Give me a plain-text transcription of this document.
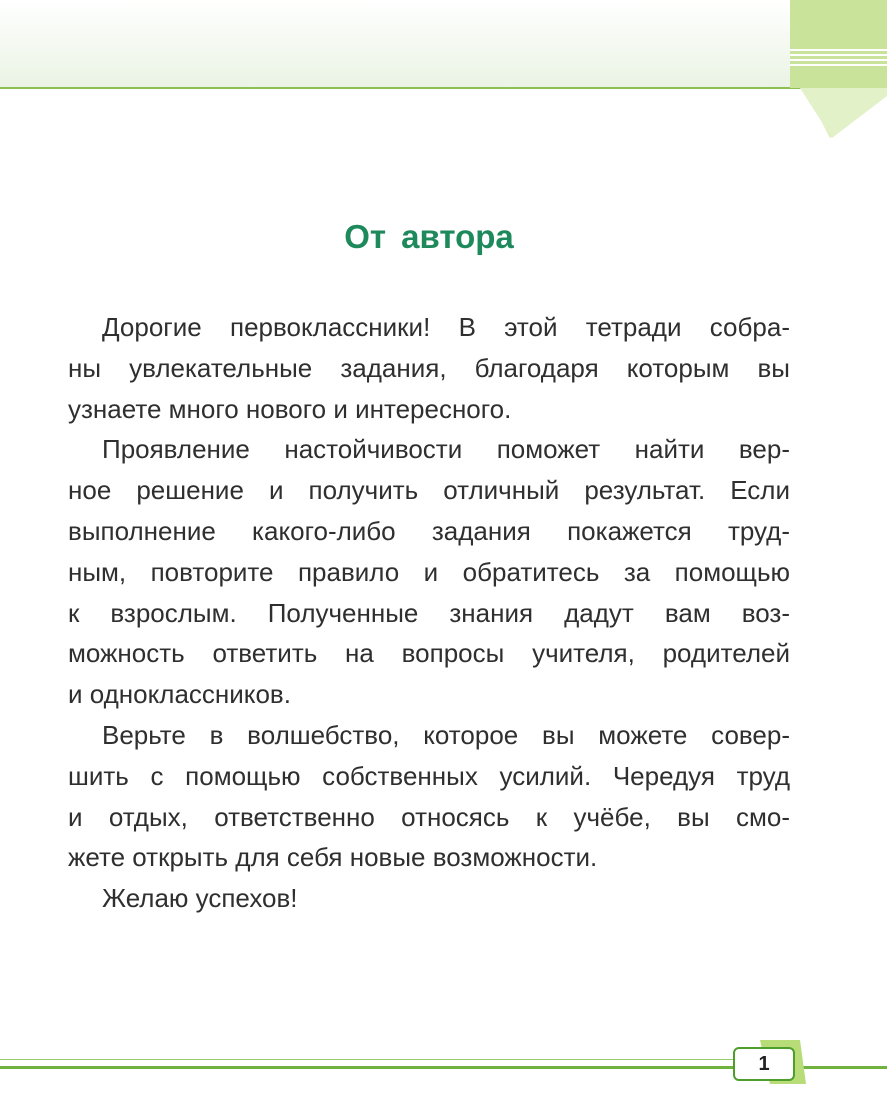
От автора

Дорогие первоклассники! В этой тетради собра-
ны увлекательные задания, благодаря которым вы
узнаете много нового и интересного.

Проявление настойчивости поможет найти вер-
ное решение и получить отличный результат. Если
выполнение какого-либо задания покажется труд-
ным, повторите правило и обратитесь за помощью
к взрослым. Полученные знания дадут вам воз-
можность ответить на вопросы учителя, родителей
и одноклассников.

Верьте в волшебство, которое вы можете совер-
шить с помощью собственных усилий. Чередуя труд
и отдых, ответственно относясь к учёбе, вы смо-
жете открыть для себя новые возможности.

Желаю успехов!

1
